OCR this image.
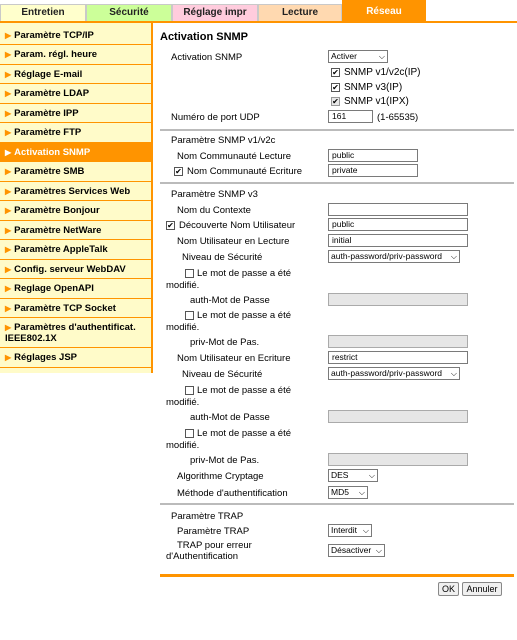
Entretien	Sécurité	Réglage impr	Lecture	Réseau
▶ Paramètre TCP/IP
▶ Param. régl. heure
▶ Réglage E-mail
▶ Paramètre LDAP
▶ Paramètre IPP
▶ Paramètre FTP
▶ Activation SNMP
▶ Paramètre SMB
▶ Paramètres Services Web
▶ Paramètre Bonjour
▶ Paramètre NetWare
▶ Paramètre AppleTalk
▶ Config. serveur WebDAV
▶ Reglage OpenAPI
▶ Paramètre TCP Socket
▶ Paramètres d'authentificat. IEEE802.1X
▶ Réglages JSP
Activation SNMP
Activation SNMP	Activer	⌵
✔ SNMP v1/v2c(IP)
✔ SNMP v3(IP)
✔ SNMP v1(IPX)
Numéro de port UDP	161	(1-65535)
Paramètre SNMP v1/v2c
Nom Communauté Lecture	public
✔ Nom Communauté Ecriture	private
Paramètre SNMP v3
Nom du Contexte
✔ Découverte Nom Utilisateur	public
Nom Utilisateur en Lecture	initial
Niveau de Sécurité	auth-password/priv-password ⌵
Le mot de passe a été
modifié.
auth-Mot de Passe
Le mot de passe a été
modifié.
priv-Mot de Pas.
Nom Utilisateur en Ecriture	restrict
Niveau de Sécurité	auth-password/priv-password ⌵
Le mot de passe a été
modifié.
auth-Mot de Passe
Le mot de passe a été
modifié.
priv-Mot de Pas.
Algorithme Cryptage	DES	⌵
Méthode d'authentification	MD5 ⌵
Paramètre TRAP
Paramètre TRAP	Interdit ⌵
TRAP pour erreur
d'Authentification
Désactiver ⌵
OK	Annuler
